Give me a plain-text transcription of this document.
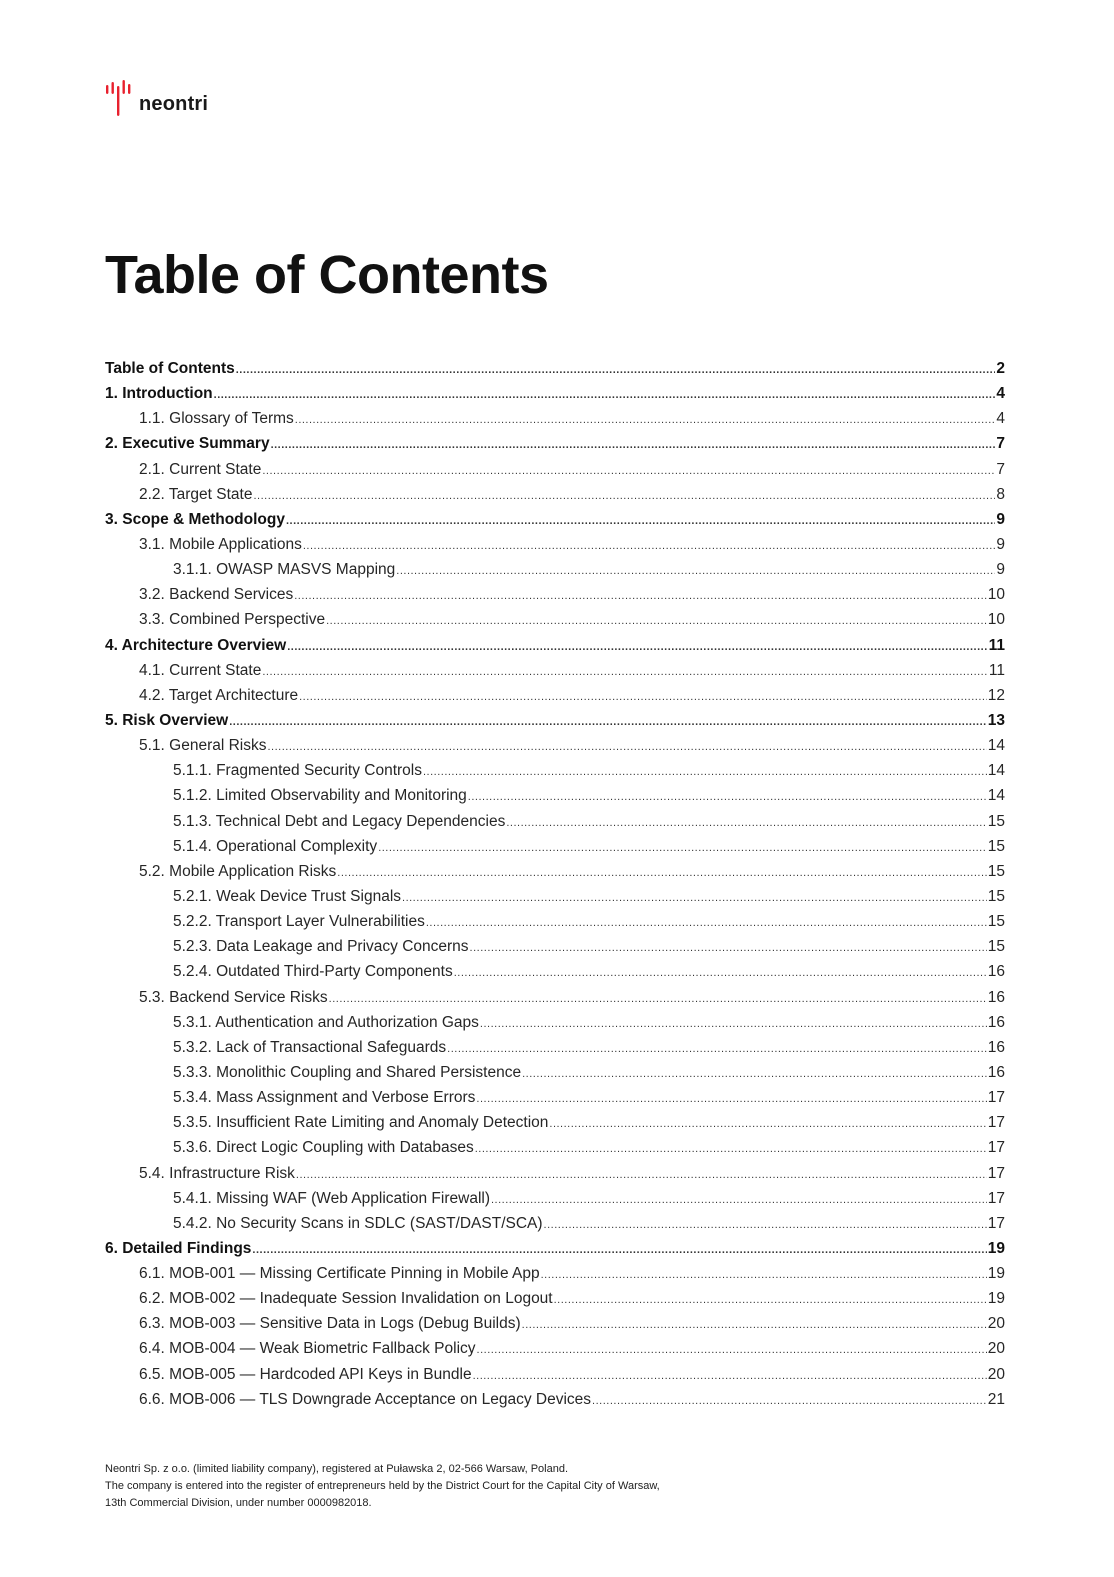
neontri
Table of Contents
Table of Contents .....	2
1. Introduction .....	4
1.1. Glossary of Terms .....	4
2. Executive Summary .....	7
2.1. Current State .....	7
2.2. Target State .....	8
3. Scope & Methodology .....	9
3.1. Mobile Applications .....	9
3.1.1. OWASP MASVS Mapping .....	9
3.2. Backend Services .....	10
3.3. Combined Perspective .....	10
4. Architecture Overview .....	11
4.1. Current State .....	11
4.2. Target Architecture .....	12
5. Risk Overview .....	13
5.1. General Risks .....	14
5.1.1. Fragmented Security Controls .....	14
5.1.2. Limited Observability and Monitoring .....	14
5.1.3. Technical Debt and Legacy Dependencies .....	15
5.1.4. Operational Complexity .....	15
5.2. Mobile Application Risks .....	15
5.2.1. Weak Device Trust Signals .....	15
5.2.2. Transport Layer Vulnerabilities .....	15
5.2.3. Data Leakage and Privacy Concerns .....	15
5.2.4. Outdated Third-Party Components .....	16
5.3. Backend Service Risks .....	16
5.3.1. Authentication and Authorization Gaps .....	16
5.3.2. Lack of Transactional Safeguards .....	16
5.3.3. Monolithic Coupling and Shared Persistence .....	16
5.3.4. Mass Assignment and Verbose Errors .....	17
5.3.5. Insufficient Rate Limiting and Anomaly Detection .....	17
5.3.6. Direct Logic Coupling with Databases .....	17
5.4. Infrastructure Risk .....	17
5.4.1. Missing WAF (Web Application Firewall) .....	17
5.4.2. No Security Scans in SDLC (SAST/DAST/SCA) .....	17
6. Detailed Findings .....	19
6.1. MOB-001 — Missing Certificate Pinning in Mobile App .....	19
6.2. MOB-002 — Inadequate Session Invalidation on Logout .....	19
6.3. MOB-003 — Sensitive Data in Logs (Debug Builds) .....	20
6.4. MOB-004 — Weak Biometric Fallback Policy .....	20
6.5. MOB-005 — Hardcoded API Keys in Bundle .....	20
6.6. MOB-006 — TLS Downgrade Acceptance on Legacy Devices .....	21
Neontri Sp. z o.o. (limited liability company), registered at Puławska 2, 02-566 Warsaw, Poland.
The company is entered into the register of entrepreneurs held by the District Court for the Capital City of Warsaw,
13th Commercial Division, under number 0000982018.
